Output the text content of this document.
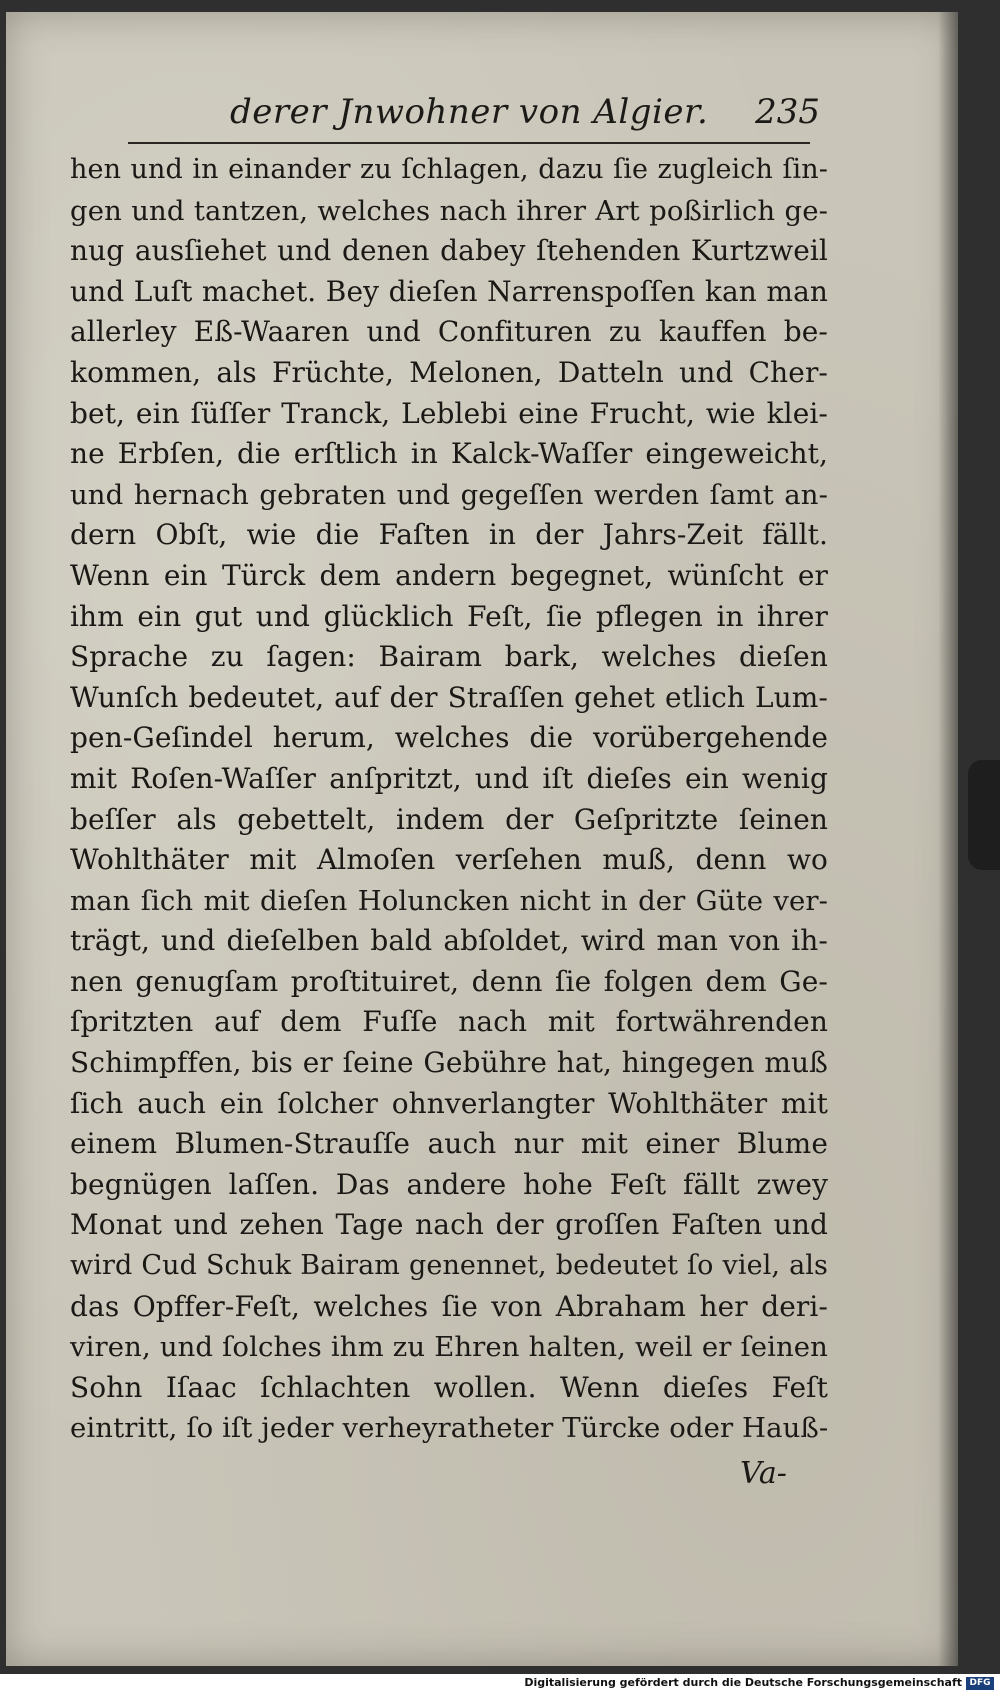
derer Jnwohner von Algier. 235
hen und in einander zu ſchlagen, dazu ſie zugleich ſin-
gen und tantzen, welches nach ihrer Art poßirlich ge-
nug ausſiehet und denen dabey ſtehenden Kurtzweil
und Luſt machet. Bey dieſen Narrenspoſſen kan man
allerley Eß-Waaren und Confituren zu kauffen be-
kommen, als Früchte, Melonen, Datteln und Cher-
bet, ein ſüſſer Tranck, Leblebi eine Frucht, wie klei-
ne Erbſen, die erſtlich in Kalck-Waſſer eingeweicht,
und hernach gebraten und gegeſſen werden ſamt an-
dern Obſt, wie die Faſten in der Jahrs-Zeit fällt.
Wenn ein Türck dem andern begegnet, wünſcht er
ihm ein gut und glücklich Feſt, ſie pflegen in ihrer
Sprache zu ſagen: Bairam bark, welches dieſen
Wunſch bedeutet, auf der Straſſen gehet etlich Lum-
pen-Geſindel herum, welches die vorübergehende
mit Roſen-Waſſer anſpritzt, und iſt dieſes ein wenig
beſſer als gebettelt, indem der Geſpritzte ſeinen
Wohlthäter mit Almoſen verſehen muß, denn wo
man ſich mit dieſen Holuncken nicht in der Güte ver-
trägt, und dieſelben bald abſoldet, wird man von ih-
nen genugſam proſtituiret, denn ſie folgen dem Ge-
ſpritzten auf dem Fuſſe nach mit fortwährenden
Schimpffen, bis er ſeine Gebühre hat, hingegen muß
ſich auch ein ſolcher ohnverlangter Wohlthäter mit
einem Blumen-Strauſſe auch nur mit einer Blume
begnügen laſſen. Das andere hohe Feſt fällt zwey
Monat und zehen Tage nach der groſſen Faſten und
wird Cud Schuk Bairam genennet, bedeutet ſo viel, als
das Opffer-Feſt, welches ſie von Abraham her deri-
viren, und ſolches ihm zu Ehren halten, weil er ſeinen
Sohn Iſaac ſchlachten wollen. Wenn dieſes Feſt
eintritt, ſo iſt jeder verheyratheter Türcke oder Hauß-
Va-
Digitalisierung gefördert durch die Deutsche Forschungsgemeinschaft DFG
